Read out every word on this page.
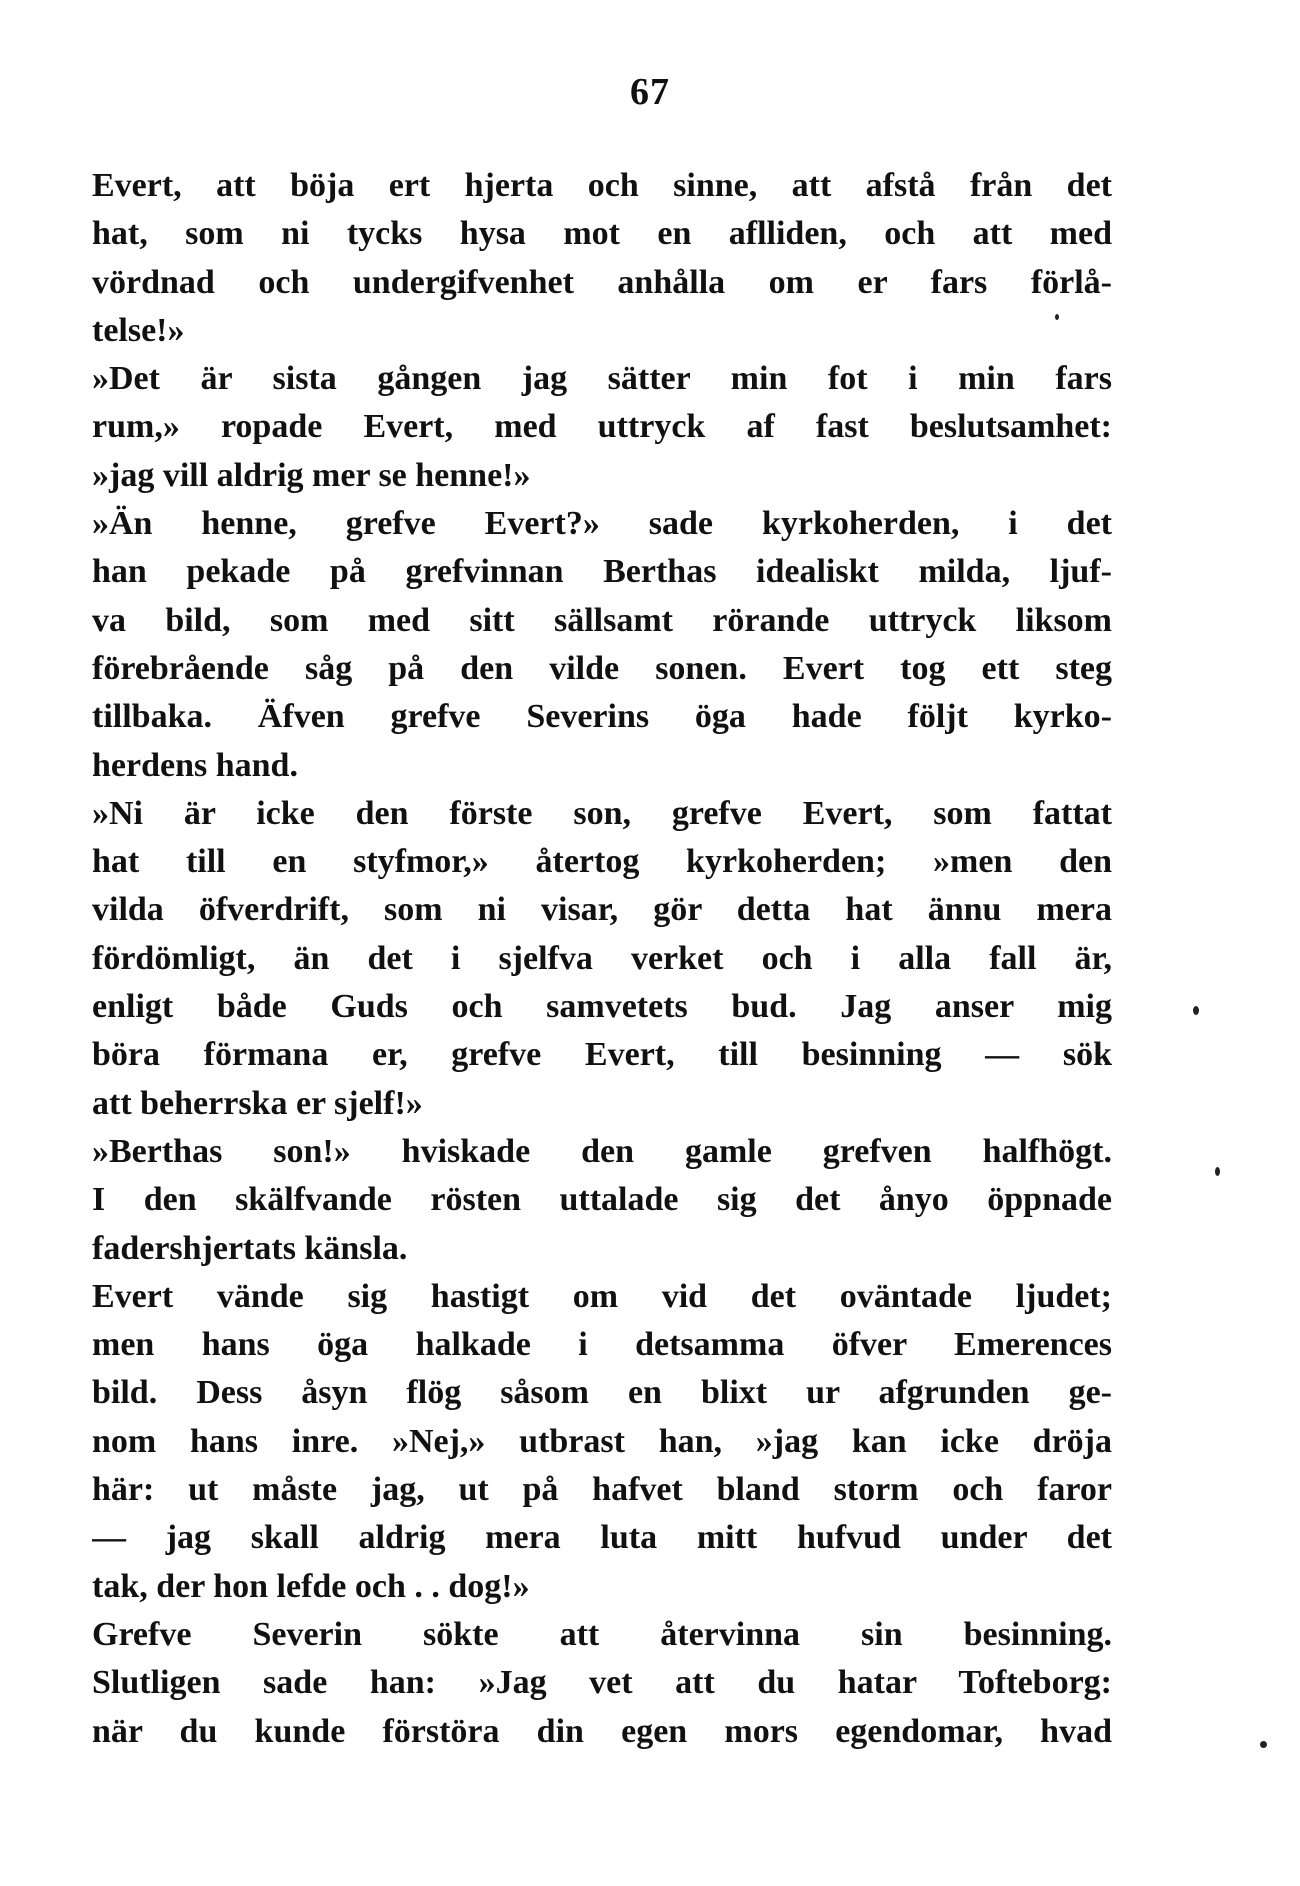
67
Evert, att böja ert hjerta och sinne, att afstå från det
hat, som ni tycks hysa mot en aflliden, och att med
vördnad och undergifvenhet anhålla om er fars förlå-
telse!»
»Det är sista gången jag sätter min fot i min fars
rum,» ropade Evert, med uttryck af fast beslutsamhet:
»jag vill aldrig mer se henne!»
»Än henne, grefve Evert?» sade kyrkoherden, i det
han pekade på grefvinnan Berthas idealiskt milda, ljuf-
va bild, som med sitt sällsamt rörande uttryck liksom
förebrående såg på den vilde sonen. Evert tog ett steg
tillbaka. Äfven grefve Severins öga hade följt kyrko-
herdens hand.
»Ni är icke den förste son, grefve Evert, som fattat
hat till en styfmor,» återtog kyrkoherden; »men den
vilda öfverdrift, som ni visar, gör detta hat ännu mera
fördömligt, än det i sjelfva verket och i alla fall är,
enligt både Guds och samvetets bud. Jag anser mig
böra förmana er, grefve Evert, till besinning — sök
att beherrska er sjelf!»
»Berthas son!» hviskade den gamle grefven halfhögt.
I den skälfvande rösten uttalade sig det ånyo öppnade
fadershjertats känsla.
Evert vände sig hastigt om vid det oväntade ljudet;
men hans öga halkade i detsamma öfver Emerences
bild. Dess åsyn flög såsom en blixt ur afgrunden ge-
nom hans inre. »Nej,» utbrast han, »jag kan icke dröja
här: ut måste jag, ut på hafvet bland storm och faror
— jag skall aldrig mera luta mitt hufvud under det
tak, der hon lefde och . . dog!»
Grefve Severin sökte att återvinna sin besinning.
Slutligen sade han: »Jag vet att du hatar Tofteborg:
när du kunde förstöra din egen mors egendomar, hvad
